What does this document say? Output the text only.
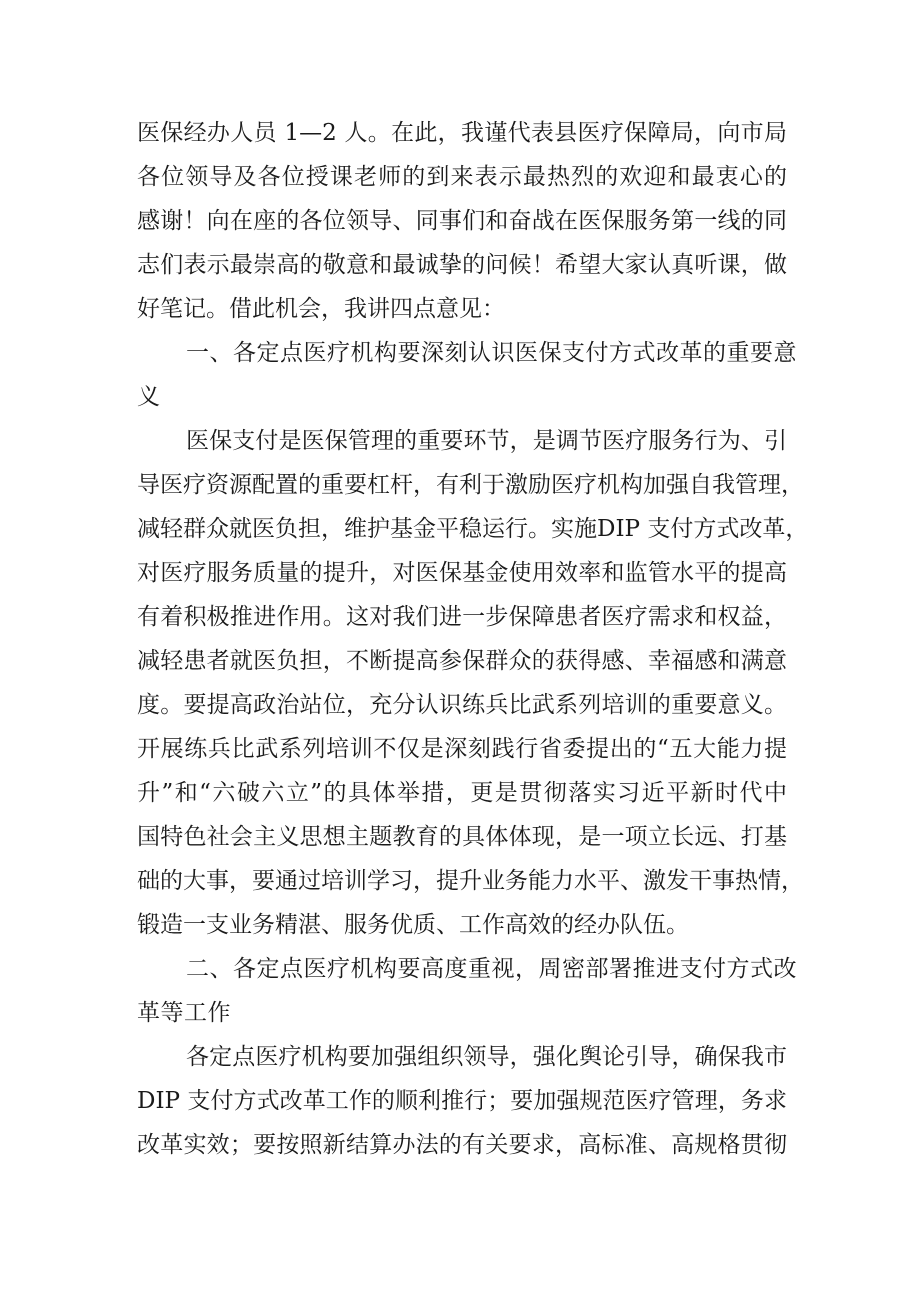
医保经办人员 1—2 人。在此，我谨代表县医疗保障局，向市局
各位领导及各位授课老师的到来表示最热烈的欢迎和最衷心的
感谢！向在座的各位领导、同事们和奋战在医保服务第一线的同
志们表示最崇高的敬意和最诚挚的问候！希望大家认真听课，做
好笔记。借此机会，我讲四点意见：
一、各定点医疗机构要深刻认识医保支付方式改革的重要意
义
医保支付是医保管理的重要环节，是调节医疗服务行为、引
导医疗资源配置的重要杠杆，有利于激励医疗机构加强自我管理，
减轻群众就医负担，维护基金平稳运行。实施DIP 支付方式改革，
对医疗服务质量的提升，对医保基金使用效率和监管水平的提高
有着积极推进作用。这对我们进一步保障患者医疗需求和权益，
减轻患者就医负担，不断提高参保群众的获得感、幸福感和满意
度。要提高政治站位，充分认识练兵比武系列培训的重要意义。
开展练兵比武系列培训不仅是深刻践行省委提出的“五大能力提
升”和“六破六立”的具体举措，更是贯彻落实习近平新时代中
国特色社会主义思想主题教育的具体体现，是一项立长远、打基
础的大事，要通过培训学习，提升业务能力水平、激发干事热情，
锻造一支业务精湛、服务优质、工作高效的经办队伍。
二、各定点医疗机构要高度重视，周密部署推进支付方式改
革等工作
各定点医疗机构要加强组织领导，强化舆论引导，确保我市
DIP 支付方式改革工作的顺利推行；要加强规范医疗管理，务求
改革实效；要按照新结算办法的有关要求，高标准、高规格贯彻
